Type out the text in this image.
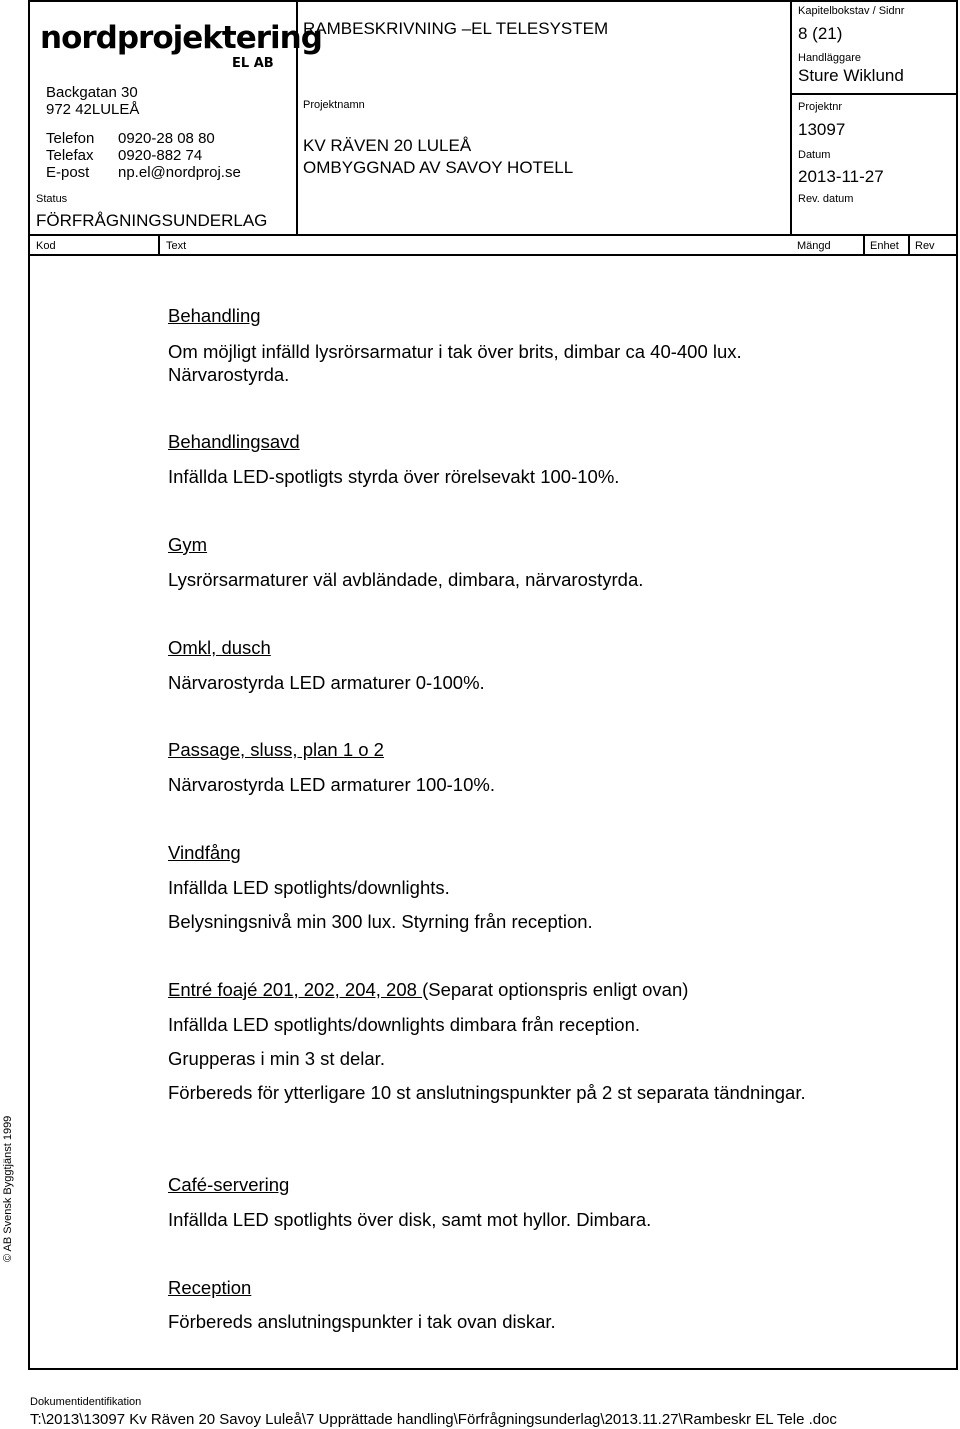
nordprojektering
EL AB
Backgatan 30
972 42LULEÅ
Telefon 0920-28 08 80
Telefax 0920-882 74
E-post np.el@nordproj.se
Status
FÖRFRÅGNINGSUNDERLAG
RAMBESKRIVNING –EL TELESYSTEM
Projektnamn
KV RÄVEN 20 LULEÅ
OMBYGGNAD AV SAVOY HOTELL
Kapitelbokstav / Sidnr
8 (21)
Handläggare
Sture Wiklund
Projektnr
13097
Datum
2013-11-27
Rev. datum
Kod	Text	Mängd	Enhet Rev
Behandling
Om möjligt infälld lysrörsarmatur i tak över brits, dimbar ca 40-400 lux. Närvarostyrda.
Behandlingsavd
Infällda LED-spotligts styrda över rörelsevakt 100-10%.
Gym
Lysrörsarmaturer väl avbländade, dimbara, närvarostyrda.
Omkl, dusch
Närvarostyrda LED armaturer 0-100%.
Passage, sluss, plan 1 o 2
Närvarostyrda LED armaturer 100-10%.
Vindfång
Infällda LED spotlights/downlights.
Belysningsnivå min 300 lux. Styrning från reception.
Entré foajé 201, 202, 204, 208 (Separat optionspris enligt ovan)
Infällda LED spotlights/downlights dimbara från reception.
Grupperas i min 3 st delar.
Förbereds för ytterligare 10 st anslutningspunkter på 2 st separata tändningar.
Café-servering
Infällda LED spotlights över disk, samt mot hyllor. Dimbara.
Reception
Förbereds anslutningspunkter i tak ovan diskar.
© AB Svensk Byggtjänst 1999
Dokumentidentifikation
T:\2013\13097 Kv Räven 20 Savoy Luleå\7 Upprättade handling\Förfrågningsunderlag\2013.11.27\Rambeskr EL Tele .doc
